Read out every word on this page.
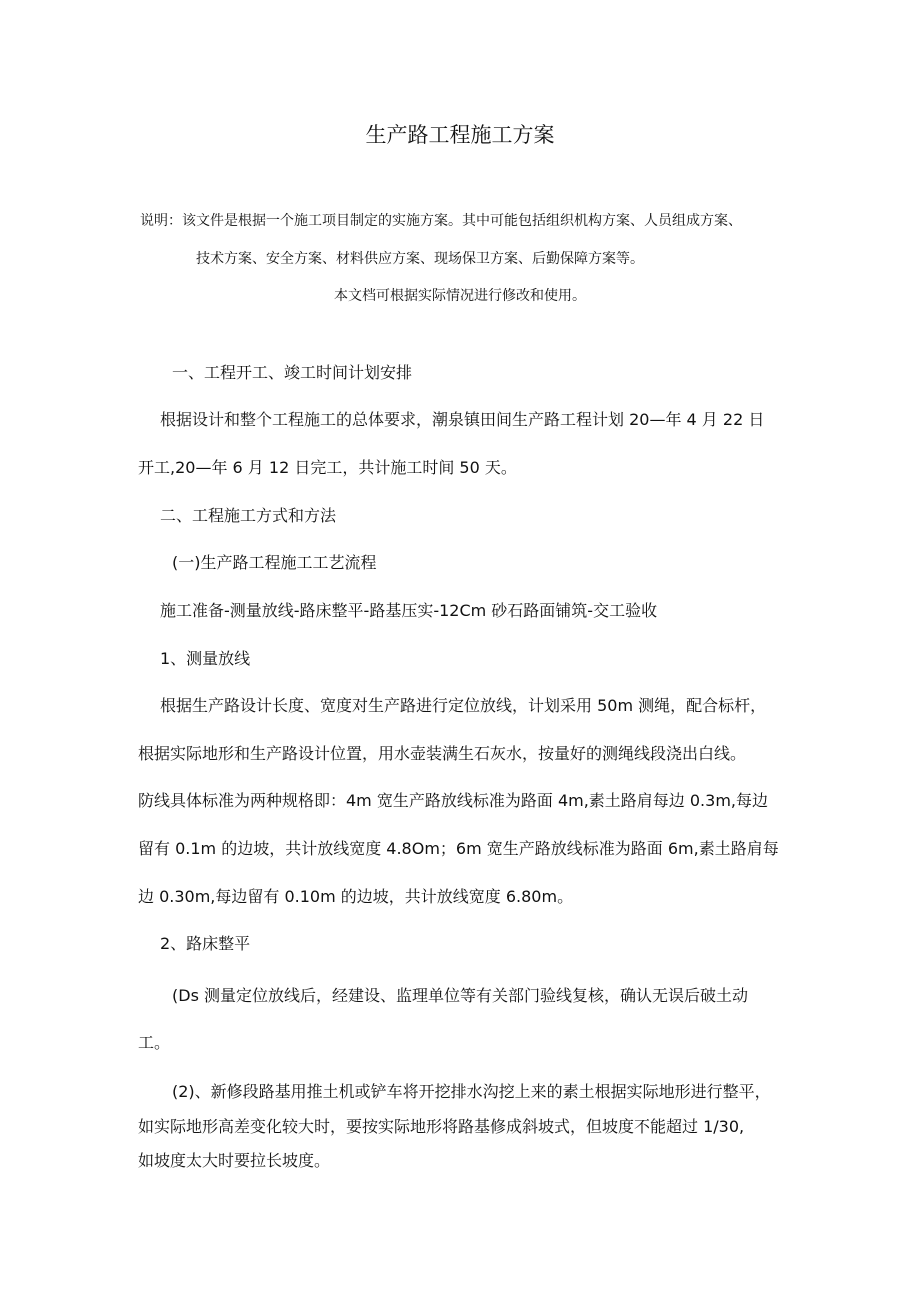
生产路工程施工方案
说明：该文件是根据一个施工项目制定的实施方案。其中可能包括组织机构方案、人员组成方案、
技术方案、安全方案、材料供应方案、现场保卫方案、后勤保障方案等。
本文档可根据实际情况进行修改和使用。
一、工程开工、竣工时间计划安排
根据设计和整个工程施工的总体要求，潮泉镇田间生产路工程计划 20—年 4 月 22 日
开工,20—年 6 月 12 日完工，共计施工时间 50 天。
二、工程施工方式和方法
(一)生产路工程施工工艺流程
施工准备-测量放线-路床整平-路基压实-12Cm 砂石路面铺筑-交工验收
1、测量放线
根据生产路设计长度、宽度对生产路进行定位放线，计划采用 50m 测绳，配合标杆，
根据实际地形和生产路设计位置，用水壶装满生石灰水，按量好的测绳线段浇出白线。
防线具体标准为两种规格即：4m 宽生产路放线标准为路面 4m,素土路肩每边 0.3m,每边
留有 0.1m 的边坡，共计放线宽度 4.8Om；6m 宽生产路放线标准为路面 6m,素土路肩每
边 0.30m,每边留有 0.10m 的边坡，共计放线宽度 6.80m。
2、路床整平
(Ds 测量定位放线后，经建设、监理单位等有关部门验线复核，确认无误后破土动
工。
(2)、新修段路基用推土机或铲车将开挖排水沟挖上来的素土根据实际地形进行整平，
如实际地形高差变化较大时，要按实际地形将路基修成斜坡式，但坡度不能超过 1/30,
如坡度太大时要拉长坡度。
